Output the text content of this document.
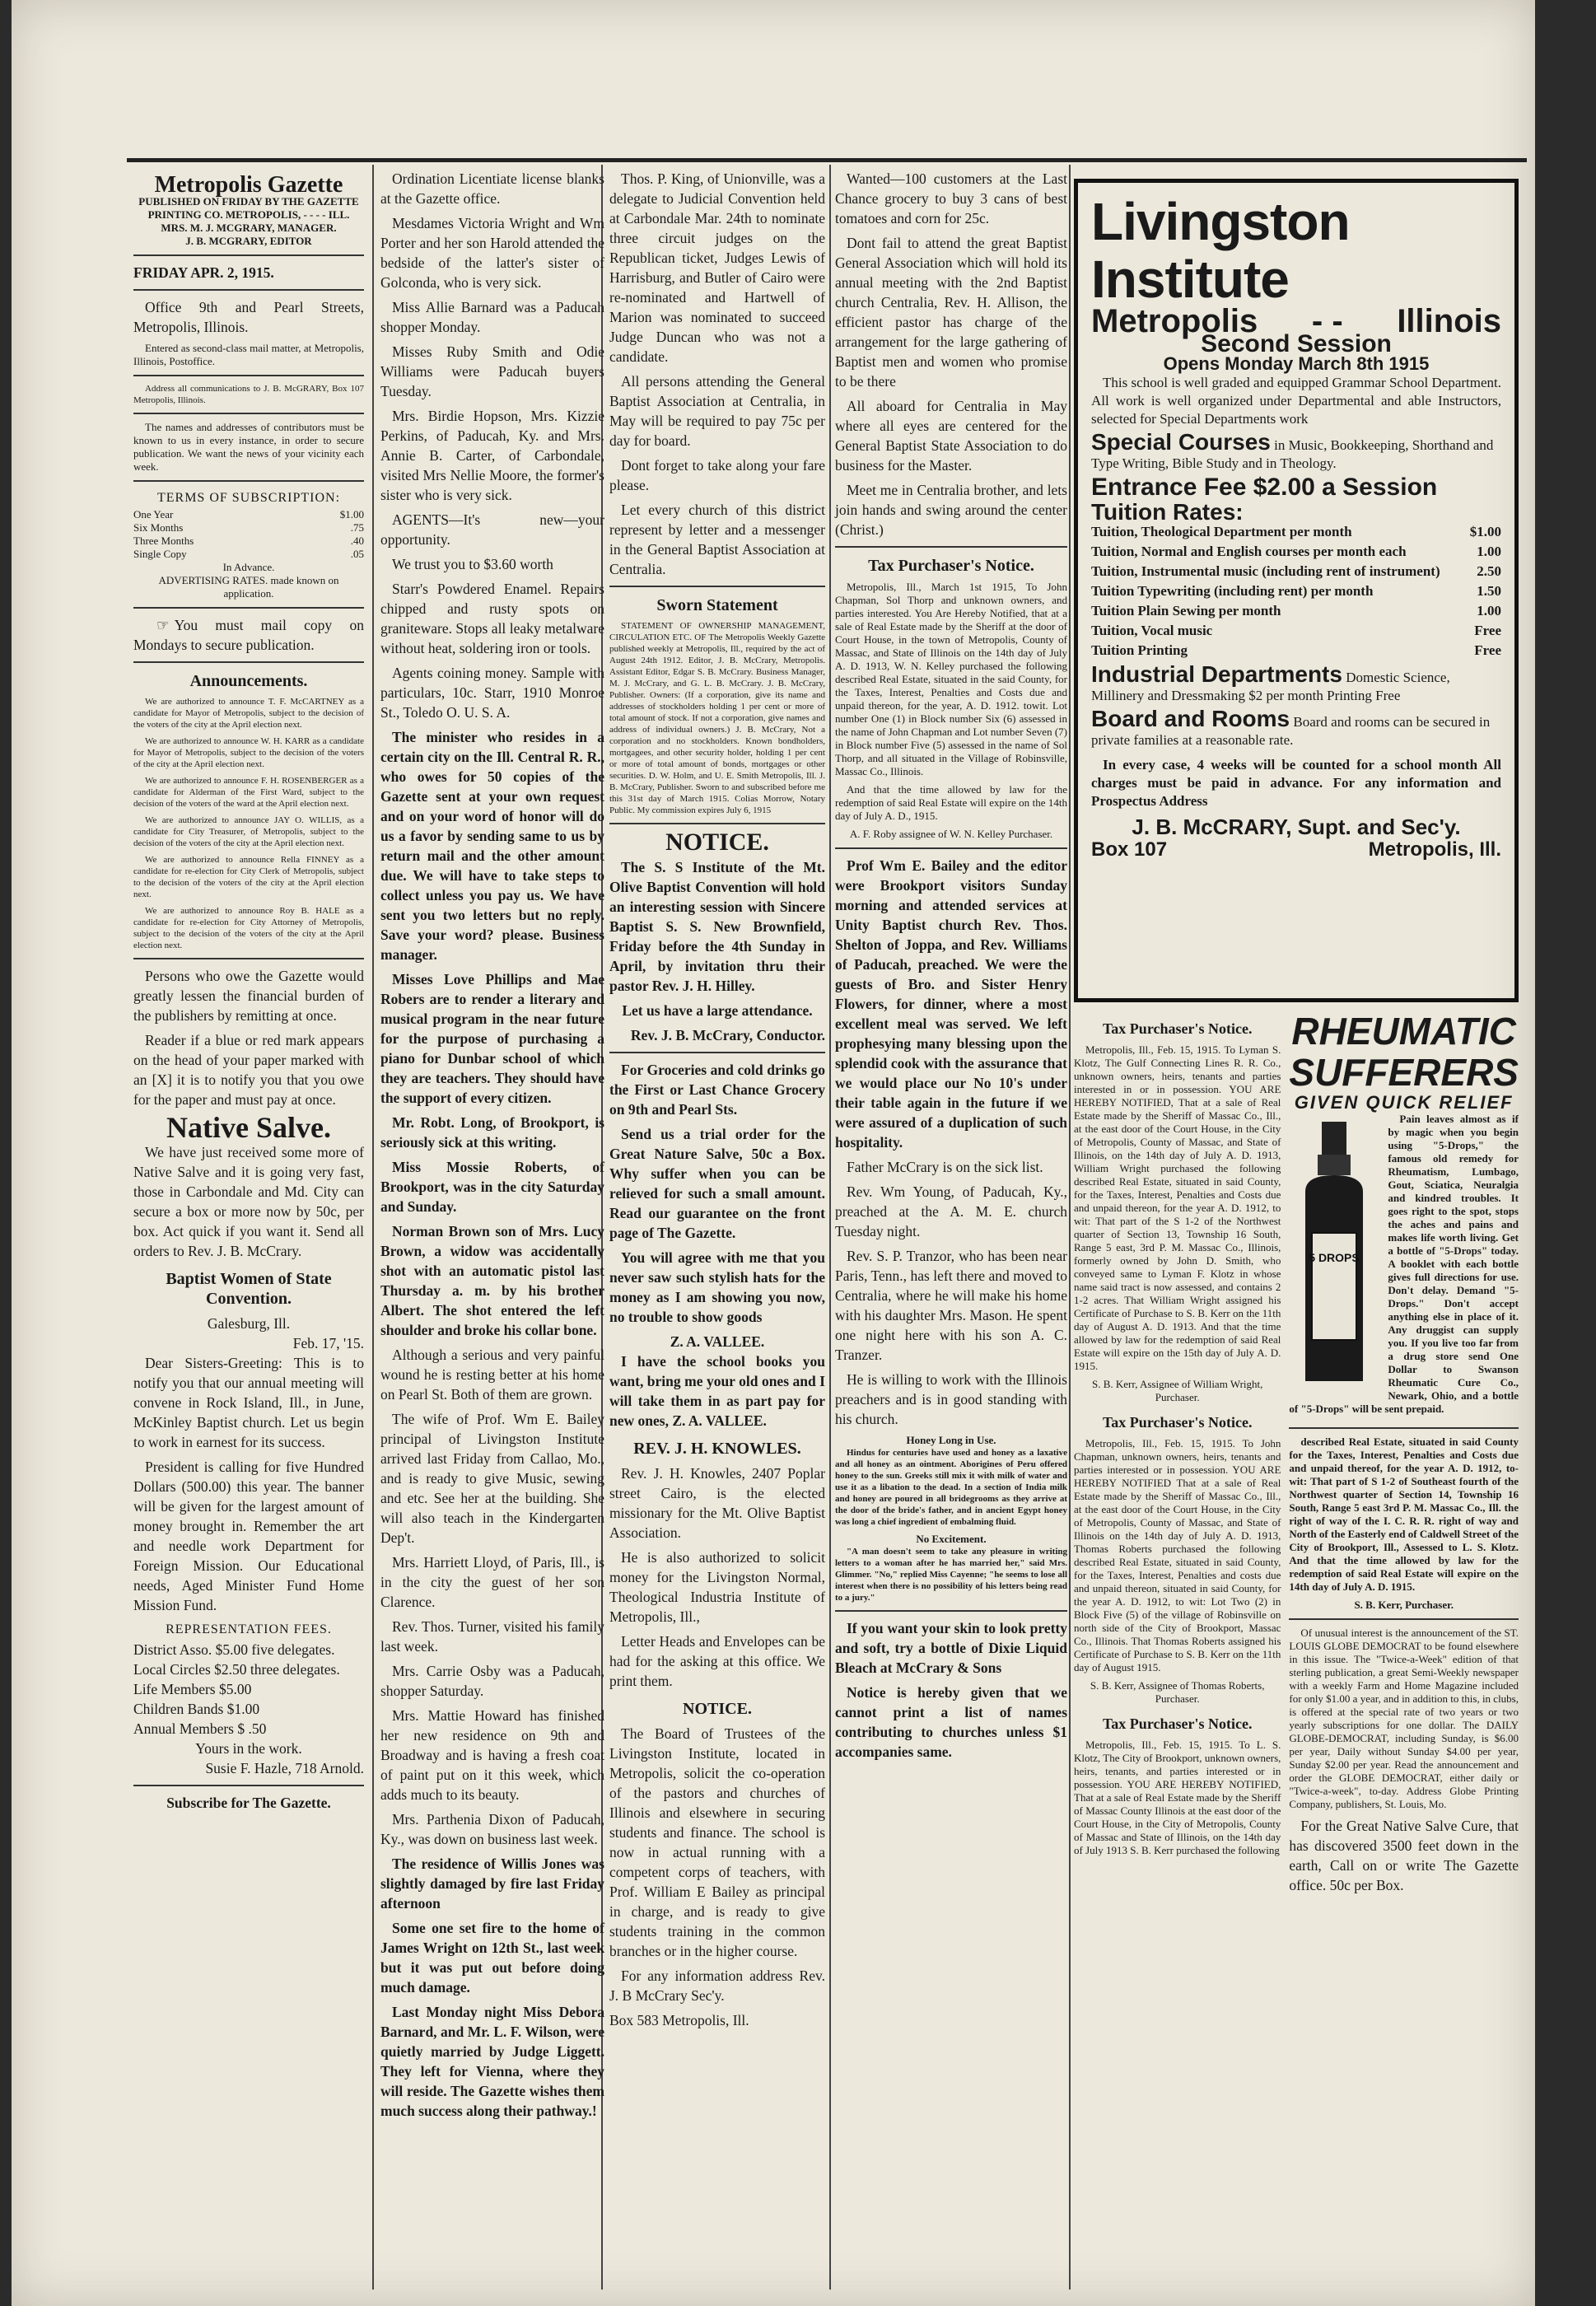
Metropolis Gazette
PUBLISHED ON FRIDAY BY THE GAZETTE PRINTING CO. METROPOLIS, - - - - ILL.
MRS. M. J. MCGRARY, MANAGER.
J. B. MCGRARY, EDITOR
FRIDAY APR. 2, 1915.

Office 9th and Pearl Streets, Metropolis, Illinois.

Entered as second-class mail matter, at Metropolis, Illinois, Postoffice.

Address all communications to J. B. McGRARY, Box 107 Metropolis, Illinois.

The names and addresses of contributors must be known to us in every instance, in order to secure publication. We want the news of your vicinity each week.

TERMS OF SUBSCRIPTION:
One Year	$1.00
Six Months	.75
Three Months	.40
Single Copy	.05
In Advance.
ADVERTISING RATES. made known on application.

☞ You must mail copy on Mondays to secure publication.

Announcements.

We are authorized to announce T. F. McCARTNEY as a candidate for Mayor of Metropolis, subject to the decision of the voters of the city at the April election next.

We are authorized to announce W. H. KARR as a candidate for Mayor of Metropolis, subject to the decision of the voters of the city at the April election next.

We are authorized to announce F. H. ROSENBERGER as a candidate for Alderman of the First Ward, subject to the decision of the voters of the ward at the April election next.

We are authorized to announce JAY O. WILLIS, as a candidate for City Treasurer, of Metropolis, subject to the decision of the voters of the city at the April election next.

We are authorized to announce Rella FINNEY as a candidate for re-election for City Clerk of Metropolis, subject to the decision of the voters of the city at the April election next.

We are authorized to announce Roy B. HALE as a candidate for re-election for City Attorney of Metropolis, subject to the decision of the voters of the city at the April election next.

Persons who owe the Gazette would greatly lessen the financial burden of the publishers by remitting at once.

Reader if a blue or red mark appears on the head of your paper marked with an [X] it is to notify you that you owe for the paper and must pay at once.

Native Salve.

We have just received some more of Native Salve and it is going very fast, those in Carbondale and Md. City can secure a box or more now by 50c, per box. Act quick if you want it. Send all orders to Rev. J. B. McCrary.

Baptist Women of State Convention.
Galesburg, Ill.
Feb. 17, '15.

Dear Sisters-Greeting: This is to notify you that our annual meeting will convene in Rock Island, Ill., in June, McKinley Baptist church. Let us begin to work in earnest for its success.

President is calling for five Hundred Dollars (500.00) this year. The banner will be given for the largest amount of money brought in. Remember the art and needle work Department for Foreign Mission. Our Educational needs, Aged Minister Fund Home Mission Fund.

REPRESENTATION FEES.
District Asso. $5.00 five delegates.
Local Circles $2.50 three delegates.
Life Members $5.00
Children Bands $1.00
Annual Members $ .50
Yours in the work.
Susie F. Hazle, 718 Arnold.
Subscribe for The Gazette.

Ordination Licentiate license blanks at the Gazette office.

Mesdames Victoria Wright and Wm Porter and her son Harold attended the bedside of the latter's sister of Golconda, who is very sick.

Miss Allie Barnard was a Paducah shopper Monday.

Misses Ruby Smith and Odie Williams were Paducah buyers Tuesday.

Mrs. Birdie Hopson, Mrs. Kizzie Perkins, of Paducah, Ky. and Mrs. Annie B. Carter, of Carbondale, visited Mrs Nellie Moore, the former's sister who is very sick.

AGENTS—It's new—your opportunity.

We trust you to $3.60 worth

Starr's Powdered Enamel. Repairs chipped and rusty spots on graniteware. Stops all leaky metalware without heat, soldering iron or tools.

Agents coining money. Sample with particulars, 10c. Starr, 1910 Monroe St., Toledo O. U. S. A.

The minister who resides in a certain city on the Ill. Central R. R., who owes for 50 copies of the Gazette sent at your own request and on your word of honor will do us a favor by sending same to us by return mail and the other amount due. We will have to take steps to collect unless you pay us. We have sent you two letters but no reply. Save your word? please. Business manager.

Misses Love Phillips and Mae Robers are to render a literary and musical program in the near future for the purpose of purchasing a piano for Dunbar school of which they are teachers. They should have the support of every citizen.

Mr. Robt. Long, of Brookport, is seriously sick at this writing.

Miss Mossie Roberts, of Brookport, was in the city Saturday and Sunday.

Norman Brown son of Mrs. Lucy Brown, a widow was accidentally shot with an automatic pistol last Thursday a. m. by his brother Albert. The shot entered the left shoulder and broke his collar bone.

Although a serious and very painful wound he is resting better at his home on Pearl St. Both of them are grown.

The wife of Prof. Wm E. Bailey principal of Livingston Institute arrived last Friday from Callao, Mo., and is ready to give Music, sewing and etc. See her at the building. She will also teach in the Kindergarten Dep't.

Mrs. Harriett Lloyd, of Paris, Ill., is in the city the guest of her son Clarence.

Rev. Thos. Turner, visited his family last week.

Mrs. Carrie Osby was a Paducah, shopper Saturday.

Mrs. Mattie Howard has finished her new residence on 9th and Broadway and is having a fresh coat of paint put on it this week, which adds much to its beauty.

Mrs. Parthenia Dixon of Paducah, Ky., was down on business last week.

The residence of Willis Jones was slightly damaged by fire last Friday afternoon

Some one set fire to the home of James Wright on 12th St., last week but it was put out before doing much damage.

Last Monday night Miss Debora Barnard, and Mr. L. F. Wilson, were quietly married by Judge Liggett. They left for Vienna, where they will reside. The Gazette wishes them much success along their pathway.!

Thos. P. King, of Unionville, was a delegate to Judicial Convention held at Carbondale Mar. 24th to nominate three circuit judges on the Republican ticket, Judges Lewis of Harrisburg, and Butler of Cairo were re-nominated and Hartwell of Marion was nominated to succeed Judge Duncan who was not a candidate.

All persons attending the General Baptist Association at Centralia, in May will be required to pay 75c per day for board.

Dont forget to take along your fare please.

Let every church of this district represent by letter and a messenger in the General Baptist Association at Centralia.

Sworn Statement

STATEMENT OF OWNERSHIP MANAGEMENT, CIRCULATION ETC. OF The Metropolis Weekly Gazette published weekly at Metropolis, Ill., required by the act of August 24th 1912. Editor, J. B. McCrary, Metropolis. Assistant Editor, Edgar S. B. McCrary. Business Manager, M. J. McCrary, and G. L. B. McCrary. J. B. McCrary, Publisher. Owners: (If a corporation, give its name and addresses of stockholders holding 1 per cent or more of total amount of stock. If not a corporation, give names and address of individual owners.) J. B. McCrary, Not a corporation and no stockholders. Known bondholders, mortgagees, and other security holder, holding 1 per cent or more of total amount of bonds, mortgages or other securities. D. W. Holm, and U. E. Smith Metropolis, Ill. J. B. McCrary, Publisher. Sworn to and subscribed before me this 31st day of March 1915. Colias Morrow, Notary Public. My commission expires July 6, 1915

NOTICE.

The S. S Institute of the Mt. Olive Baptist Convention will hold an interesting session with Sincere Baptist S. S. New Brownfield, Friday before the 4th Sunday in April, by invitation thru their pastor Rev. J. H. Hilley.

Let us have a large attendance.

Rev. J. B. McCrary, Conductor.

For Groceries and cold drinks go the First or Last Chance Grocery on 9th and Pearl Sts.

Send us a trial order for the Great Nature Salve, 50c a Box. Why suffer when you can be relieved for such a small amount. Read our guarantee on the front page of The Gazette.

You will agree with me that you never saw such stylish hats for the money as I am showing you now, no trouble to show goods

Z. A. VALLEE.

I have the school books you want, bring me your old ones and I will take them in as part pay for new ones, Z. A. VALLEE.

REV. J. H. KNOWLES.

Rev. J. H. Knowles, 2407 Poplar street Cairo, is the elected missionary for the Mt. Olive Baptist Association.

He is also authorized to solicit money for the Livingston Normal, Theological Industria Institute of Metropolis, Ill.,

Letter Heads and Envelopes can be had for the asking at this office. We print them.

NOTICE.

The Board of Trustees of the Livingston Institute, located in Metropolis, solicit the co-operation of the pastors and churches of Illinois and elsewhere in securing students and finance. The school is now in actual running with a competent corps of teachers, with Prof. William E Bailey as principal in charge, and is ready to give students training in the common branches or in the higher course.

For any information address Rev. J. B McCrary Sec'y.

Box 583 Metropolis, Ill.

Wanted—100 customers at the Last Chance grocery to buy 3 cans of best tomatoes and corn for 25c.

Dont fail to attend the great Baptist General Association which will hold its annual meeting with the 2nd Baptist church Centralia, Rev. H. Allison, the efficient pastor has charge of the arrangement for the large gathering of Baptist men and women who promise to be there

All aboard for Centralia in May where all eyes are centered for the General Baptist State Association to do business for the Master.

Meet me in Centralia brother, and lets join hands and swing around the center (Christ.)

Tax Purchaser's Notice.

Metropolis, Ill., March 1st 1915, To John Chapman, Sol Thorp and unknown owners, and parties interested. You Are Hereby Notified, that at a sale of Real Estate made by the Sheriff at the door of Court House, in the town of Metropolis, County of Massac, and State of Illinois on the 14th day of July A. D. 1913, W. N. Kelley purchased the following described Real Estate, situated in the said County, for the Taxes, Interest, Penalties and Costs due and unpaid thereon, for the year, A. D. 1912. towit. Lot number One (1) in Block number Six (6) assessed in the name of John Chapman and Lot number Seven (7) in Block number Five (5) assessed in the name of Sol Thorp, and all situated in the Village of Robinsville, Massac Co., Illinois.

And that the time allowed by law for the redemption of said Real Estate will expire on the 14th day of July A. D., 1915.

A. F. Roby assignee of W. N. Kelley Purchaser.

Prof Wm E. Bailey and the editor were Brookport visitors Sunday morning and attended services at Unity Baptist church Rev. Thos. Shelton of Joppa, and Rev. Williams of Paducah, preached. We were the guests of Bro. and Sister Henry Flowers, for dinner, where a most excellent meal was served. We left prophesying many blessing upon the splendid cook with the assurance that we would place our No 10's under their table again in the future if we were assured of a duplication of such hospitality.

Father McCrary is on the sick list.

Rev. Wm Young, of Paducah, Ky., preached at the A. M. E. church Tuesday night.

Rev. S. P. Tranzor, who has been near Paris, Tenn., has left there and moved to Centralia, where he will make his home with his daughter Mrs. Mason. He spent one night here with his son A. C. Tranzer.

He is willing to work with the Illinois preachers and is in good standing with his church.

Honey Long in Use.

Hindus for centuries have used and honey as a laxative and all honey as an ointment. Aborigines of Peru offered honey to the sun. Greeks still mix it with milk of water and use it as a libation to the dead. In a section of India milk and honey are poured in all bridegrooms as they arrive at the door of the bride's father, and in ancient Egypt honey was long a chief ingredient of embalming fluid.

No Excitement.

"A man doesn't seem to take any pleasure in writing letters to a woman after he has married her," said Mrs. Glimmer. "No," replied Miss Cayenne; "he seems to lose all interest when there is no possibility of his letters being read to a jury."

If you want your skin to look pretty and soft, try a bottle of Dixie Liquid Bleach at McCrary & Sons

Notice is hereby given that we cannot print a list of names contributing to churches unless $1 accompanies same.

Livingston Institute
Metropolis - - Illinois
Second Session
Opens Monday March 8th 1915

This school is well graded and equipped Grammar School Department. All work is well organized under Departmental and able Instructors, selected for Special Departments work

Special Courses in Music, Bookkeeping, Shorthand and Type Writing, Bible Study and in Theology.
Entrance Fee $2.00 a Session
Tuition Rates:
Tuition, Theological Department per month	$1.00
Tuition, Normal and English courses per month each	1.00
Tuition, Instrumental music (including rent of instrument)	2.50
Tuition Typewriting (including rent) per month	1.50
Tuition Plain Sewing per month	1.00
Tuition, Vocal music	Free
Tuition Printing	Free
Industrial Departments Domestic Science, Millinery and Dressmaking $2 per month Printing Free
Board and Rooms Board and rooms can be secured in private families at a reasonable rate.

In every case, 4 weeks will be counted for a school month All charges must be paid in advance. For any information and Prospectus Address

J. B. McCRARY, Supt. and Sec'y.
Box 107	Metropolis, Ill.
Tax Purchaser's Notice.

Metropolis, Ill., Feb. 15, 1915. To Lyman S. Klotz, The Gulf Connecting Lines R. R. Co., unknown owners, heirs, tenants and parties interested in or in possession. YOU ARE HEREBY NOTIFIED, That at a sale of Real Estate made by the Sheriff of Massac Co., Ill., at the east door of the Court House, in the City of Metropolis, County of Massac, and State of Illinois, on the 14th day of July A. D. 1913, William Wright purchased the following described Real Estate, situated in said County, for the Taxes, Interest, Penalties and Costs due and unpaid thereon, for the year A. D. 1912, to wit: That part of the S 1-2 of the Northwest quarter of Section 13, Township 16 South, Range 5 east, 3rd P. M. Massac Co., Illinois, formerly owned by John D. Smith, who conveyed same to Lyman F. Klotz in whose name said tract is now assessed, and contains 2 1-2 acres. That William Wright assigned his Certificate of Purchase to S. B. Kerr on the 11th day of August A. D. 1913. And that the time allowed by law for the redemption of said Real Estate will expire on the 15th day of July A. D. 1915.

S. B. Kerr, Assignee of William Wright, Purchaser.

Tax Purchaser's Notice.

Metropolis, Ill., Feb. 15, 1915. To John Chapman, unknown owners, heirs, tenants and parties interested or in possession. YOU ARE HEREBY NOTIFIED That at a sale of Real Estate made by the Sheriff of Massac Co., Ill., at the east door of the Court House, in the City of Metropolis, County of Massac, and State of Illinois on the 14th day of July A. D. 1913, Thomas Roberts purchased the following described Real Estate, situated in said County, for the Taxes, Interest, Penalties and costs due and unpaid thereon, situated in said County, for the year A. D. 1912, to wit: Lot Two (2) in Block Five (5) of the village of Robinsville on north side of the City of Brookport, Massac Co., Illinois. That Thomas Roberts assigned his Certificate of Purchase to S. B. Kerr on the 11th day of August 1915.

S. B. Kerr, Assignee of Thomas Roberts, Purchaser.

Tax Purchaser's Notice.

Metropolis, Ill., Feb. 15, 1915. To L. S. Klotz, The City of Brookport, unknown owners, heirs, tenants, and parties interested or in possession. YOU ARE HEREBY NOTIFIED, That at a sale of Real Estate made by the Sheriff of Massac County Illinois at the east door of the Court House, in the City of Metropolis, County of Massac and State of Illinois, on the 14th day of July 1913 S. B. Kerr purchased the following

RHEUMATIC SUFFERERS
GIVEN QUICK RELIEF
5 DROPS

Pain leaves almost as if by magic when you begin using "5-Drops," the famous old remedy for Rheumatism, Lumbago, Gout, Sciatica, Neuralgia and kindred troubles. It goes right to the spot, stops the aches and pains and makes life worth living. Get a bottle of "5-Drops" today. A booklet with each bottle gives full directions for use. Don't delay. Demand "5-Drops." Don't accept anything else in place of it. Any druggist can supply you. If you live too far from a drug store send One Dollar to Swanson Rheumatic Cure Co., Newark, Ohio, and a bottle of "5-Drops" will be sent prepaid.

described Real Estate, situated in said County for the Taxes, Interest, Penalties and Costs due and unpaid thereof, for the year A. D. 1912, to-wit: That part of S 1-2 of Southeast fourth of the Northwest quarter of Section 14, Township 16 South, Range 5 east 3rd P. M. Massac Co., Ill. the right of way of the I. C. R. R. right of way and North of the Easterly end of Caldwell Street of the City of Brookport, Ill., Assessed to L. S. Klotz. And that the time allowed by law for the redemption of said Real Estate will expire on the 14th day of July A. D. 1915.

S. B. Kerr, Purchaser.

Of unusual interest is the announcement of the ST. LOUIS GLOBE DEMOCRAT to be found elsewhere in this issue. The "Twice-a-Week" edition of that sterling publication, a great Semi-Weekly newspaper with a weekly Farm and Home Magazine included for only $1.00 a year, and in addition to this, in clubs, is offered at the special rate of two years or two yearly subscriptions for one dollar. The DAILY GLOBE-DEMOCRAT, including Sunday, is $6.00 per year, Daily without Sunday $4.00 per year, Sunday $2.00 per year. Read the announcement and order the GLOBE DEMOCRAT, either daily or "Twice-a-week", to-day. Address Globe Printing Company, publishers, St. Louis, Mo.

For the Great Native Salve Cure, that has discovered 3500 feet down in the earth, Call on or write The Gazette office. 50c per Box.
